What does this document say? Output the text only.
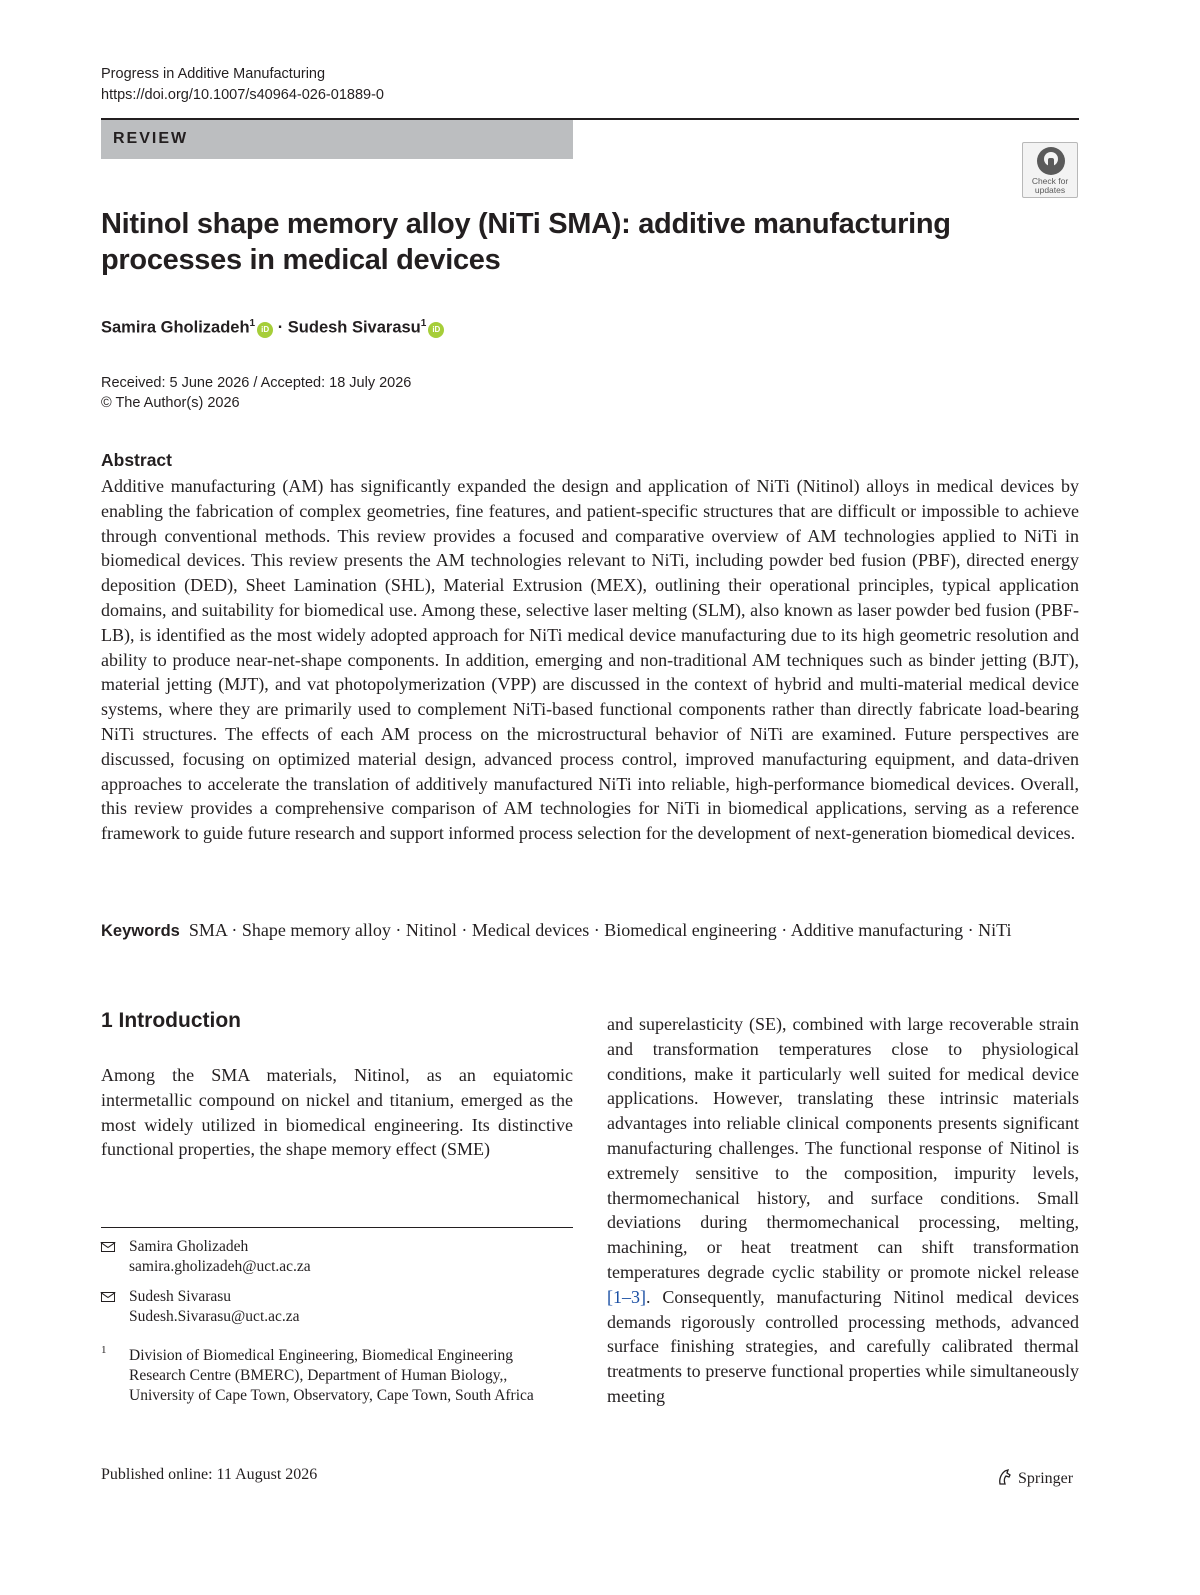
Progress in Additive Manufacturing
https://doi.org/10.1007/s40964-026-01889-0
REVIEW
Check for
updates
Nitinol shape memory alloy (NiTi SMA): additive manufacturing
processes in medical devices
Samira Gholizadeh$^1$ iD · Sudesh Sivarasu$^1$ iD
Received: 5 June 2026 / Accepted: 18 July 2026
© The Author(s) 2026
Abstract
Additive manufacturing (AM) has significantly expanded the design and application of NiTi (Nitinol) alloys in medical devices by enabling the fabrication of complex geometries, fine features, and patient-specific structures that are difficult or impossible to achieve through conventional methods. This review provides a focused and comparative overview of AM technologies applied to NiTi in biomedical devices. This review presents the AM technologies relevant to NiTi, including powder bed fusion (PBF), directed energy deposition (DED), Sheet Lamination (SHL), Material Extrusion (MEX), outlining their operational principles, typical application domains, and suitability for biomedical use. Among these, selective laser melting (SLM), also known as laser powder bed fusion (PBF-LB), is identified as the most widely adopted approach for NiTi medical device manufacturing due to its high geometric resolution and ability to produce near-net-shape components. In addition, emerging and non-traditional AM techniques such as binder jetting (BJT), material jetting (MJT), and vat photopolymerization (VPP) are discussed in the context of hybrid and multi-material medical device systems, where they are primarily used to complement NiTi-based functional components rather than directly fabricate load-bearing NiTi structures. The effects of each AM process on the microstructural behavior of NiTi are examined. Future perspectives are discussed, focusing on optimized material design, advanced process control, improved manufacturing equipment, and data-driven approaches to accelerate the translation of additively manufactured NiTi into reliable, high-performance biomedical devices. Overall, this review provides a comprehensive comparison of AM technologies for NiTi in biomedical applications, serving as a reference framework to guide future research and support informed process selection for the development of next-generation biomedical devices.
Keywords SMA · Shape memory alloy · Nitinol · Medical devices · Biomedical engineering · Additive manufacturing · NiTi
1 Introduction
Among the SMA materials, Nitinol, as an equiatomic intermetallic compound on nickel and titanium, emerged as the most widely utilized in biomedical engineering. Its distinctive functional properties, the shape memory effect (SME)
and superelasticity (SE), combined with large recoverable strain and transformation temperatures close to physiological conditions, make it particularly well suited for medical device applications. However, translating these intrinsic materials advantages into reliable clinical components presents significant manufacturing challenges. The functional response of Nitinol is extremely sensitive to the composition, impurity levels, thermomechanical history, and surface conditions. Small deviations during thermomechanical processing, melting, machining, or heat treatment can shift transformation temperatures degrade cyclic stability or promote nickel release [1–3]. Consequently, manufacturing Nitinol medical devices demands rigorously controlled processing methods, advanced surface finishing strategies, and carefully calibrated thermal treatments to preserve functional properties while simultaneously meeting
Samira Gholizadeh
samira.gholizadeh@uct.ac.za
Sudesh Sivarasu
Sudesh.Sivarasu@uct.ac.za
1 Division of Biomedical Engineering, Biomedical Engineering Research Centre (BMERC), Department of Human Biology,, University of Cape Town, Observatory, Cape Town, South Africa
Published online: 11 August 2026	Springer
